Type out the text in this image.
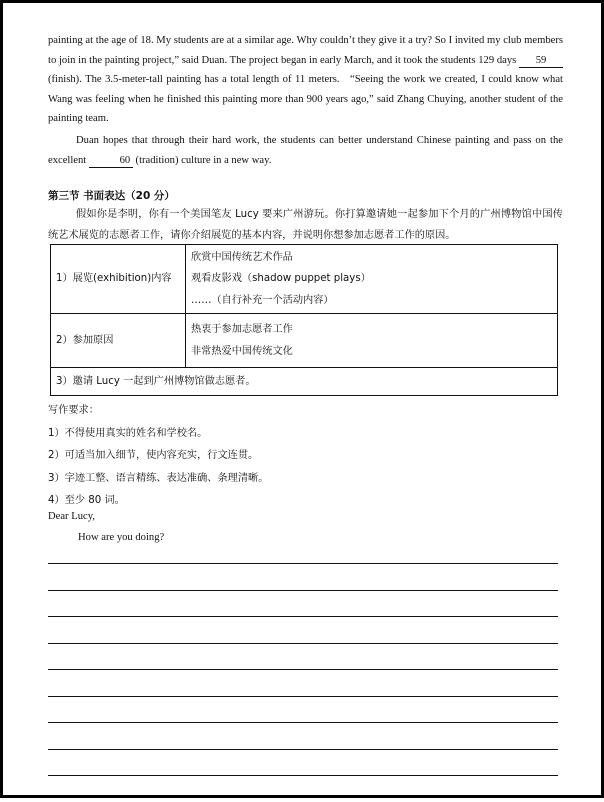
painting at the age of 18. My students are at a similar age. Why couldn’t they give it a try? So I invited my club members to join in the painting project,” said Duan. The project began in early March, and it took the students 129 days 59 (finish). The 3.5-meter-tall painting has a total length of 11 meters.   “Seeing the work we created, I could know what Wang was feeling when he finished this painting more than 900 years ago,” said Zhang Chuying, another student of the painting team.

Duan hopes that through their hard work, the students can better understand Chinese painting and pass on the excellent	60 (tradition) culture in a new way.

第三节 书面表达（20 分）

假如你是李明，你有一个美国笔友 Lucy 要来广州游玩。你打算邀请她一起参加下个月的广州博物馆中国传统艺术展览的志愿者工作，请你介绍展览的基本内容，并说明你想参加志愿者工作的原因。

1）展览(exhibition)内容	欣赏中国传统艺术作品
观看皮影戏（shadow puppet plays）
……（自行补充一个活动内容）

2）参加原因	热衷于参加志愿者工作
非常热爱中国传统文化

3）邀请 Lucy 一起到广州博物馆做志愿者。	
写作要求：
1）不得使用真实的姓名和学校名。
2）可适当加入细节，使内容充实，行文连贯。
3）字迹工整、语言精练、表达准确、条理清晰。
4）至少 80 词。
Dear Lucy,
How are you doing?
